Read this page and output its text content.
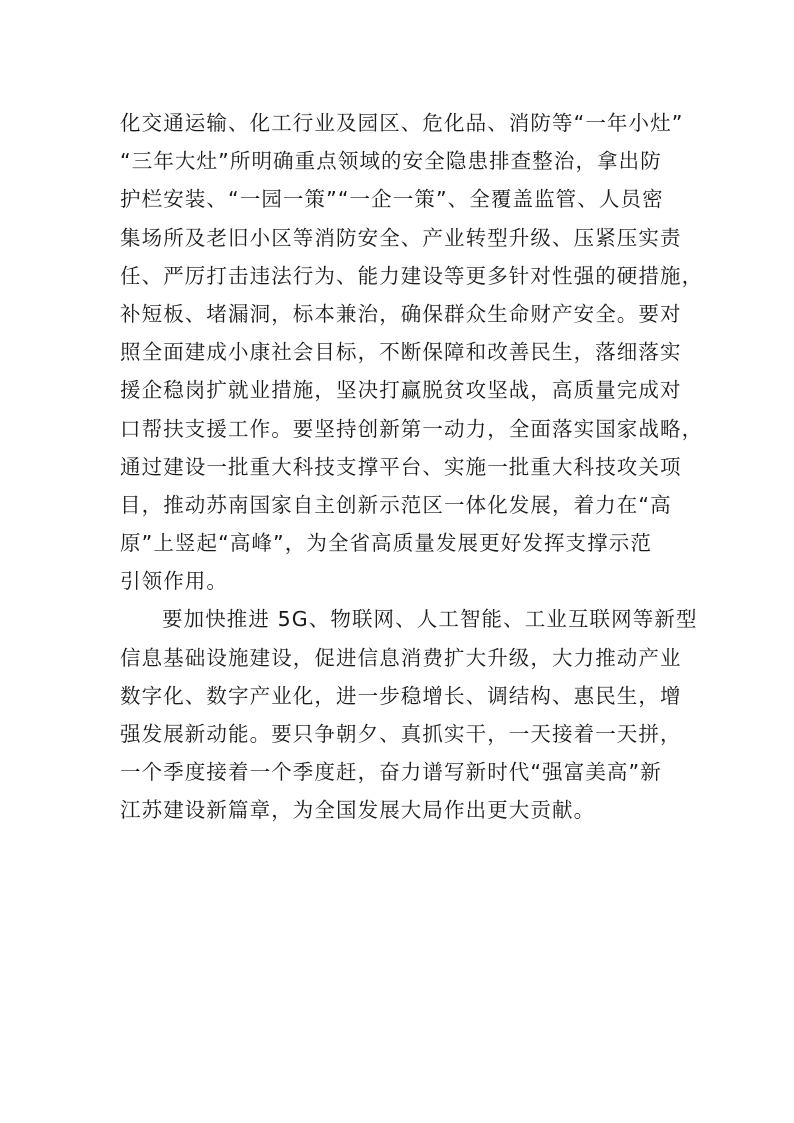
化交通运输、化工行业及园区、危化品、消防等“一年小灶”
“三年大灶”所明确重点领域的安全隐患排查整治，拿出防
护栏安装、“一园一策”“一企一策”、全覆盖监管、人员密
集场所及老旧小区等消防安全、产业转型升级、压紧压实责
任、严厉打击违法行为、能力建设等更多针对性强的硬措施，
补短板、堵漏洞，标本兼治，确保群众生命财产安全。要对
照全面建成小康社会目标，不断保障和改善民生，落细落实
援企稳岗扩就业措施，坚决打赢脱贫攻坚战，高质量完成对
口帮扶支援工作。要坚持创新第一动力，全面落实国家战略，
通过建设一批重大科技支撑平台、实施一批重大科技攻关项
目，推动苏南国家自主创新示范区一体化发展，着力在“高
原”上竖起“高峰”，为全省高质量发展更好发挥支撑示范
引领作用。
要加快推进 5G、物联网、人工智能、工业互联网等新型
信息基础设施建设，促进信息消费扩大升级，大力推动产业
数字化、数字产业化，进一步稳增长、调结构、惠民生，增
强发展新动能。要只争朝夕、真抓实干，一天接着一天拼，
一个季度接着一个季度赶，奋力谱写新时代“强富美高”新
江苏建设新篇章，为全国发展大局作出更大贡献。
